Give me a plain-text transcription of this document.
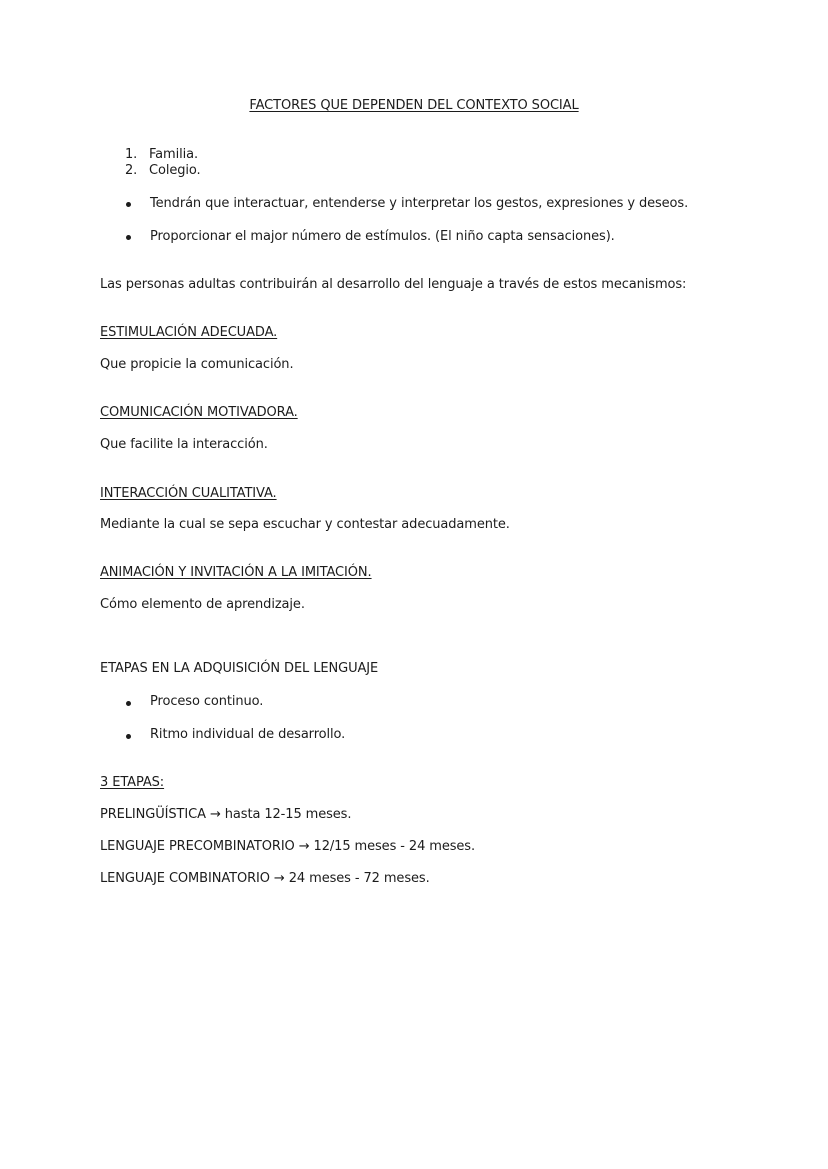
FACTORES QUE DEPENDEN DEL CONTEXTO SOCIAL
1. Familia.
2. Colegio.
Tendrán que interactuar, entenderse y interpretar los gestos, expresiones y deseos.
Proporcionar el major número de estímulos. (El niño capta sensaciones).
Las personas adultas contribuirán al desarrollo del lenguaje a través de estos mecanismos:
ESTIMULACIÓN ADECUADA.
Que propicie la comunicación.
COMUNICACIÓN MOTIVADORA.
Que facilite la interacción.
INTERACCIÓN CUALITATIVA.
Mediante la cual se sepa escuchar y contestar adecuadamente.
ANIMACIÓN Y INVITACIÓN A LA IMITACIÓN.
Cómo elemento de aprendizaje.
ETAPAS EN LA ADQUISICIÓN DEL LENGUAJE
Proceso continuo.
Ritmo individual de desarrollo.
3 ETAPAS:
PRELINGÜÍSTICA → hasta 12-15 meses.
LENGUAJE PRECOMBINATORIO → 12/15 meses - 24 meses.
LENGUAJE COMBINATORIO → 24 meses - 72 meses.
